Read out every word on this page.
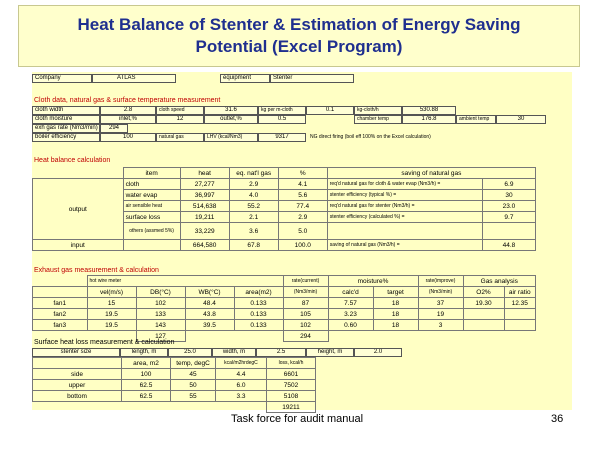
Heat Balance of Stenter & Estimation of Energy Saving
Potential (Excel Program)
Company	ATLAS	equipment	Stenter
Cloth data, natural gas & surface temperature measurement
cloth width	2.8	cloth speed	31.6	kg per m-cloth	0.1	kg-cloth/h	530.88
cloth moisture	inlet,%	12	outlet,%	0.5	chamber temp	176.8	ambient temp	30
exh gas rate (Nm3/min)	294
boiler efficiency	100	natural gas	LHV (kcal/Nm3)	9317	NG direct firing (boil eff 100% on the Excel calculation)
Heat balance calculation
	item	heat	eq. nat'l gas	%	saving of natural gas	
output	cloth	27,277	2.9	4.1	req'd natural gas for cloth & water evap (Nm3/h) =	6.9
	water evap	36,997	4.0	5.6	stenter efficiency (typical %) =	30
	air sensible heat	514,638	55.2	77.4	req'd natural gas for stenter (Nm3/h) =	23.0
	surface loss	19,211	2.1	2.9	stenter efficiency (calculated %) =	9.7
	others (assmed 5%)	33,229	3.6	5.0		
input		664,580	67.8	100.0	saving of natural gas (Nm3/h) =	44.8
Exhaust gas measurement & calculation
	hot wire meter				rate(current)	moisture%		rate(improve)	Gas analysis	
	vel(m/s)	DB(°C)	WB(°C)	area(m2)	(Nm3/min)	calc'd	target	(Nm3/min)	O2%	air ratio
fan1	15	102	48.4	0.133	87	7.57	18	37	19.30	12.35
fan2	19.5	133	43.8	0.133	105	3.23	18	19		
fan3	19.5	143	39.5	0.133	102	0.60	18	3		
		127			294					
Surface heat loss measurement & calculation
stenter size	length, m	25.0	width, m	2.5	height, m	2.0
	area, m2	temp, degC	kcal/m2hrdegC	loss, kcal/h
side	100	45	4.4	6601
upper	62.5	50	6.0	7502
bottom	62.5	55	3.3	5108
				19211
Task force for audit manual	36
